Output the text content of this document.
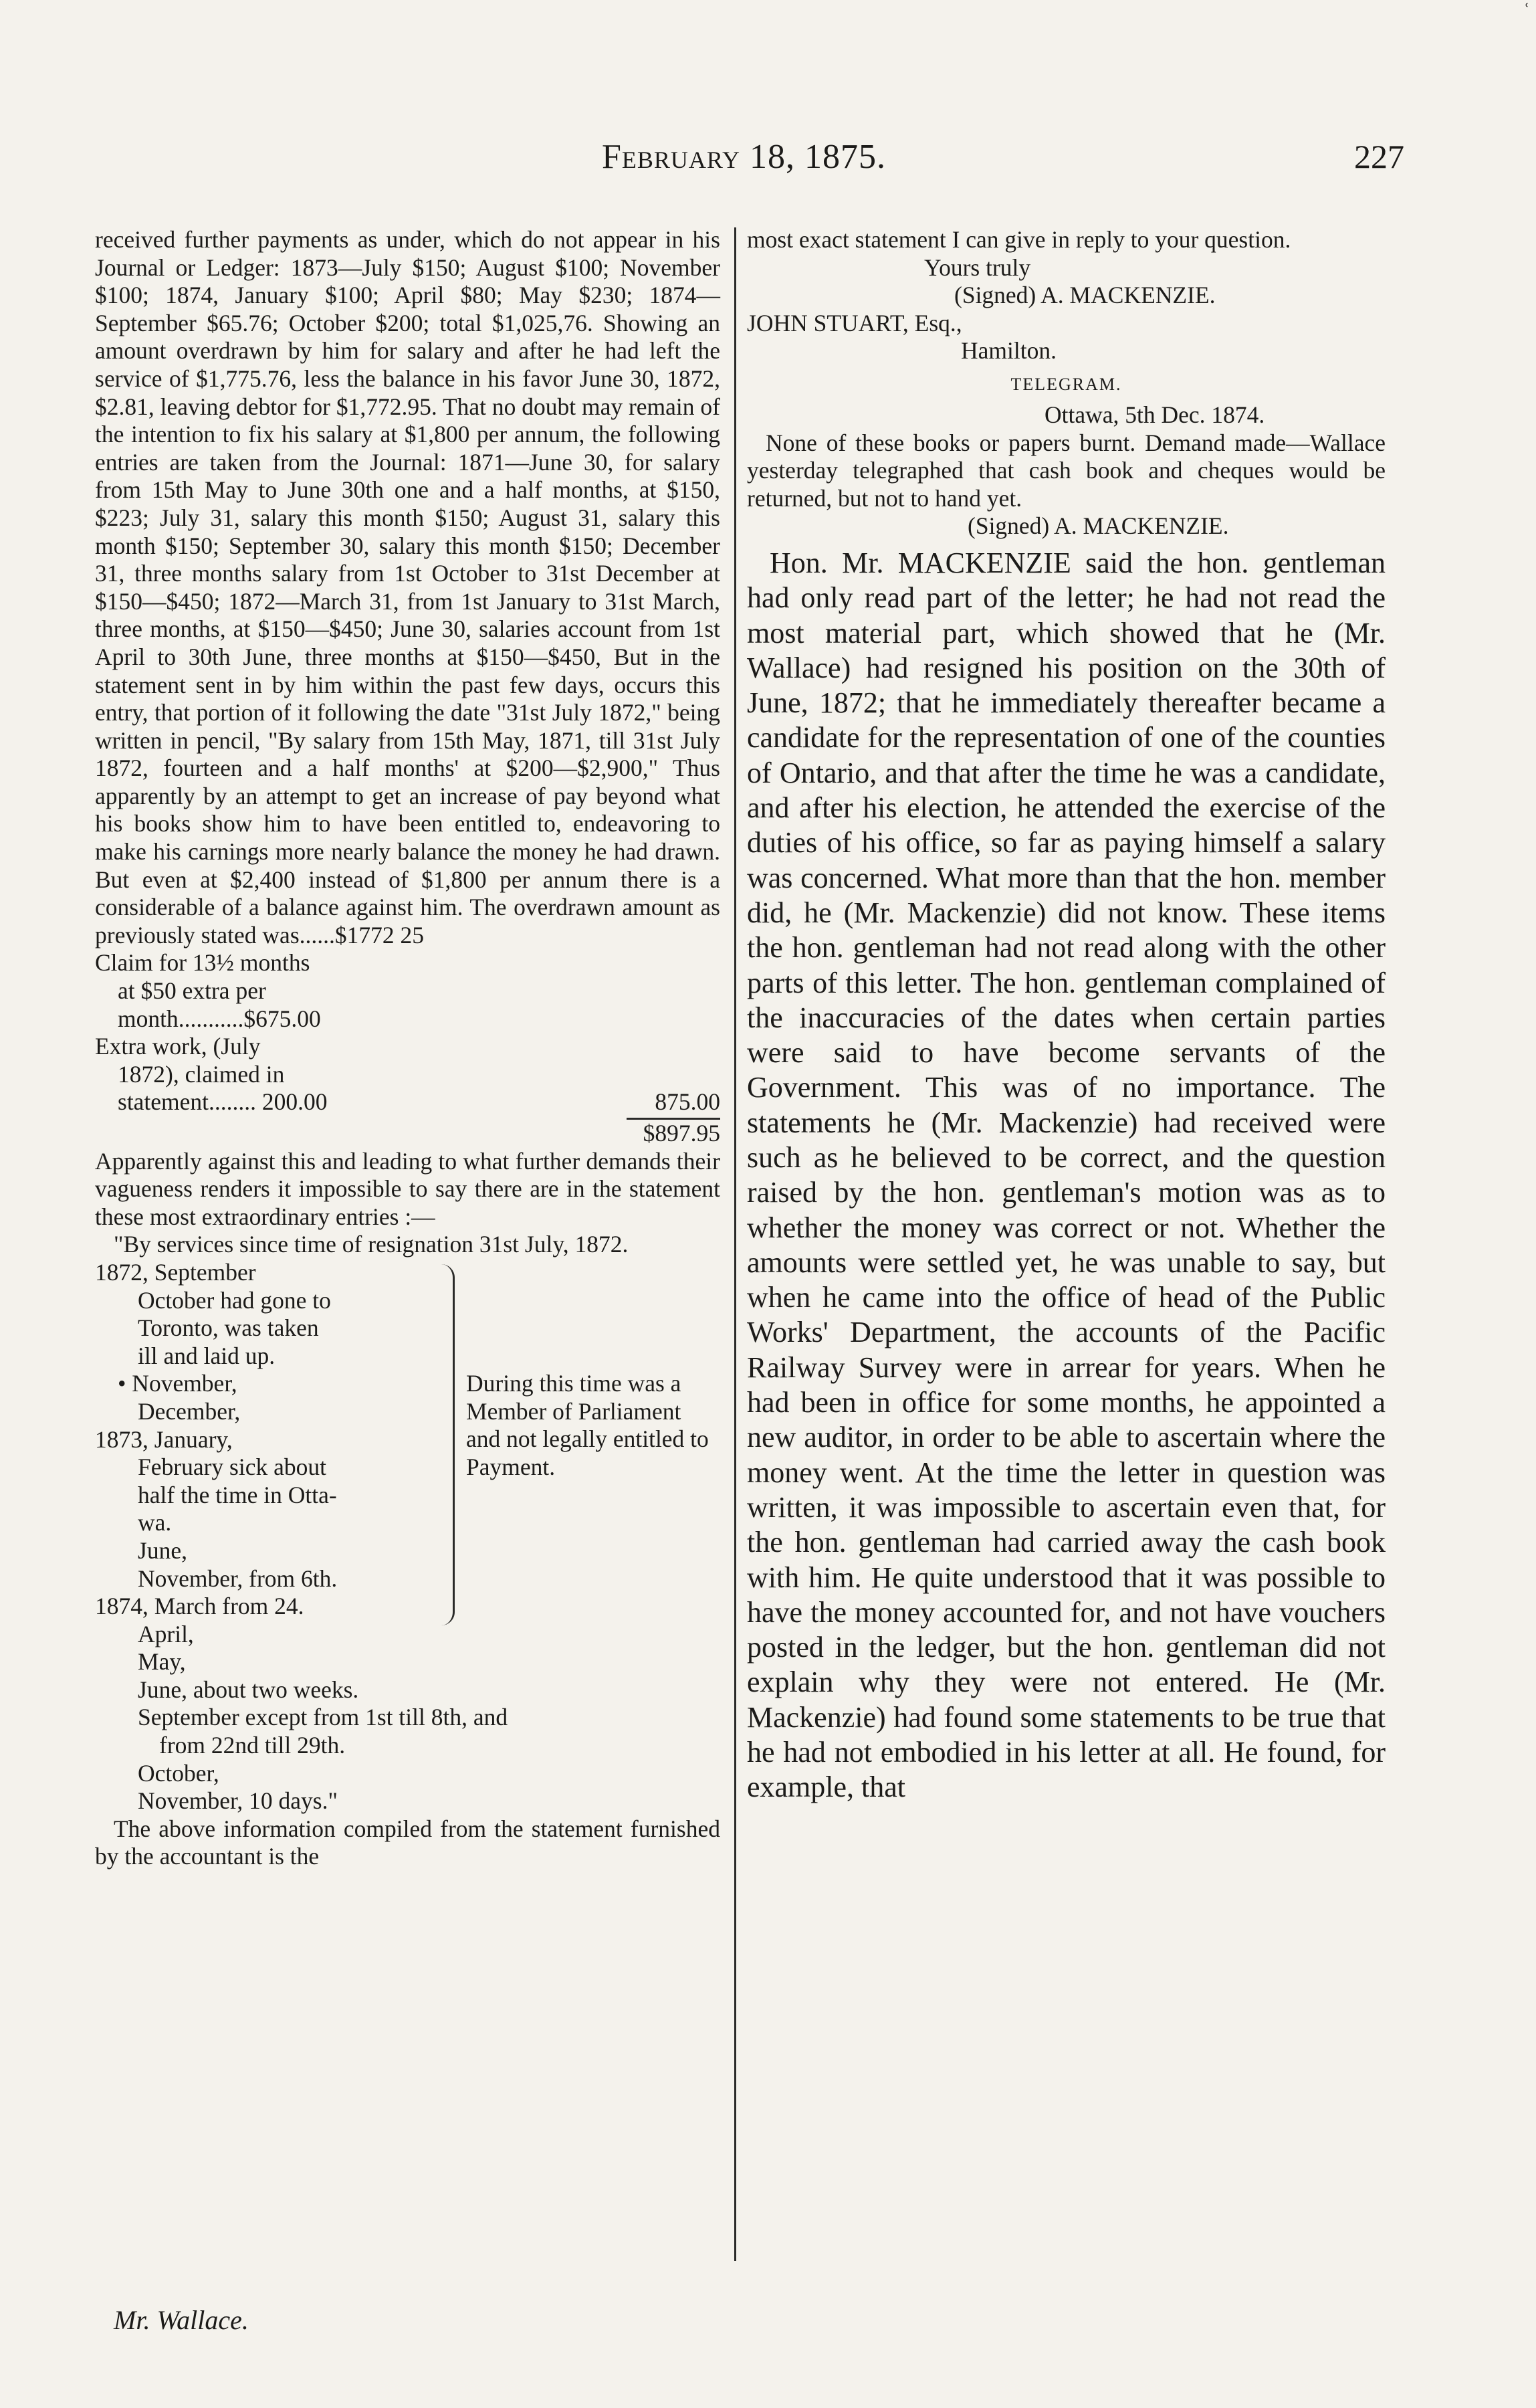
ʿ
February 18, 1875.	227

received further payments as under, which do not appear in his Journal or Ledger: 1873—July $150; August $100; November $100; 1874, January $100; April $80; May $230; 1874—September $65.76; October $200; total $1,025,76. Showing an amount overdrawn by him for salary and after he had left the service of $1,775.76, less the balance in his favor June 30, 1872, $2.81, leaving debtor for $1,772.95. That no doubt may remain of the intention to fix his salary at $1,800 per annum, the following entries are taken from the Journal: 1871—June 30, for salary from 15th May to June 30th one and a half months, at $150, $223; July 31, salary this month $150; August 31, salary this month $150; September 30, salary this month $150; December 31, three months salary from 1st October to 31st December at $150—$450; 1872—March 31, from 1st January to 31st March, three months, at $150—$450; June 30, salaries account from 1st April to 30th June, three months at $150—$450, But in the statement sent in by him within the past few days, occurs this entry, that portion of it following the date "31st July 1872," being written in pencil, "By salary from 15th May, 1871, till 31st July 1872, fourteen and a half months' at $200—$2,900," Thus apparently by an attempt to get an increase of pay beyond what his books show him to have been entitled to, endeavoring to make his carnings more nearly balance the money he had drawn. But even at $2,400 instead of $1,800 per annum there is a considerable of a balance against him. The overdrawn amount as previously stated was......$1772 25

Claim for 13½ months
at $50 extra per
month...........$675.00
Extra work, (July
1872), claimed in
statement........ 200.00	875.00
$897.95

Apparently against this and leading to what further demands their vagueness renders it impossible to say there are in the statement these most extraordinary entries :—

"By services since time of resignation 31st July, 1872.

1872, September
October had gone to
Toronto, was taken
ill and laid up.
• November,
December,
1873, January,
February sick about
half the time in Otta-
wa.
June,
November, from 6th.
1874, March from 24.
During this time was a Member of Parliament and not legally entitled to Payment.
April,
May,
June, about two weeks.
September except from 1st till 8th, and
from 22nd till 29th.
October,
November, 10 days."

The above information compiled from the statement furnished by the accountant is the

most exact statement I can give in reply to your question.

Yours truly
(Signed) A. MACKENZIE.
JOHN STUART, Esq.,
Hamilton.
TELEGRAM.
Ottawa, 5th Dec. 1874.

None of these books or papers burnt. Demand made—Wallace yesterday telegraphed that cash book and cheques would be returned, but not to hand yet.

(Signed) A. MACKENZIE.

Hon. Mr. MACKENZIE said the hon. gentleman had only read part of the letter; he had not read the most material part, which showed that he (Mr. Wallace) had resigned his position on the 30th of June, 1872; that he immediately thereafter became a candidate for the representation of one of the counties of Ontario, and that after the time he was a candidate, and after his election, he attended the exercise of the duties of his office, so far as paying himself a salary was concerned. What more than that the hon. member did, he (Mr. Mackenzie) did not know. These items the hon. gentleman had not read along with the other parts of this letter. The hon. gentleman complained of the inaccuracies of the dates when certain parties were said to have become servants of the Government. This was of no importance. The statements he (Mr. Mackenzie) had received were such as he believed to be correct, and the question raised by the hon. gentleman's motion was as to whether the money was correct or not. Whether the amounts were settled yet, he was unable to say, but when he came into the office of head of the Public Works' Department, the accounts of the Pacific Railway Survey were in arrear for years. When he had been in office for some months, he appointed a new auditor, in order to be able to ascertain where the money went. At the time the letter in question was written, it was impossible to ascertain even that, for the hon. gentleman had carried away the cash book with him. He quite understood that it was possible to have the money accounted for, and not have vouchers posted in the ledger, but the hon. gentleman did not explain why they were not entered. He (Mr. Mackenzie) had found some statements to be true that he had not embodied in his letter at all. He found, for example, that

Mr. Wallace.
